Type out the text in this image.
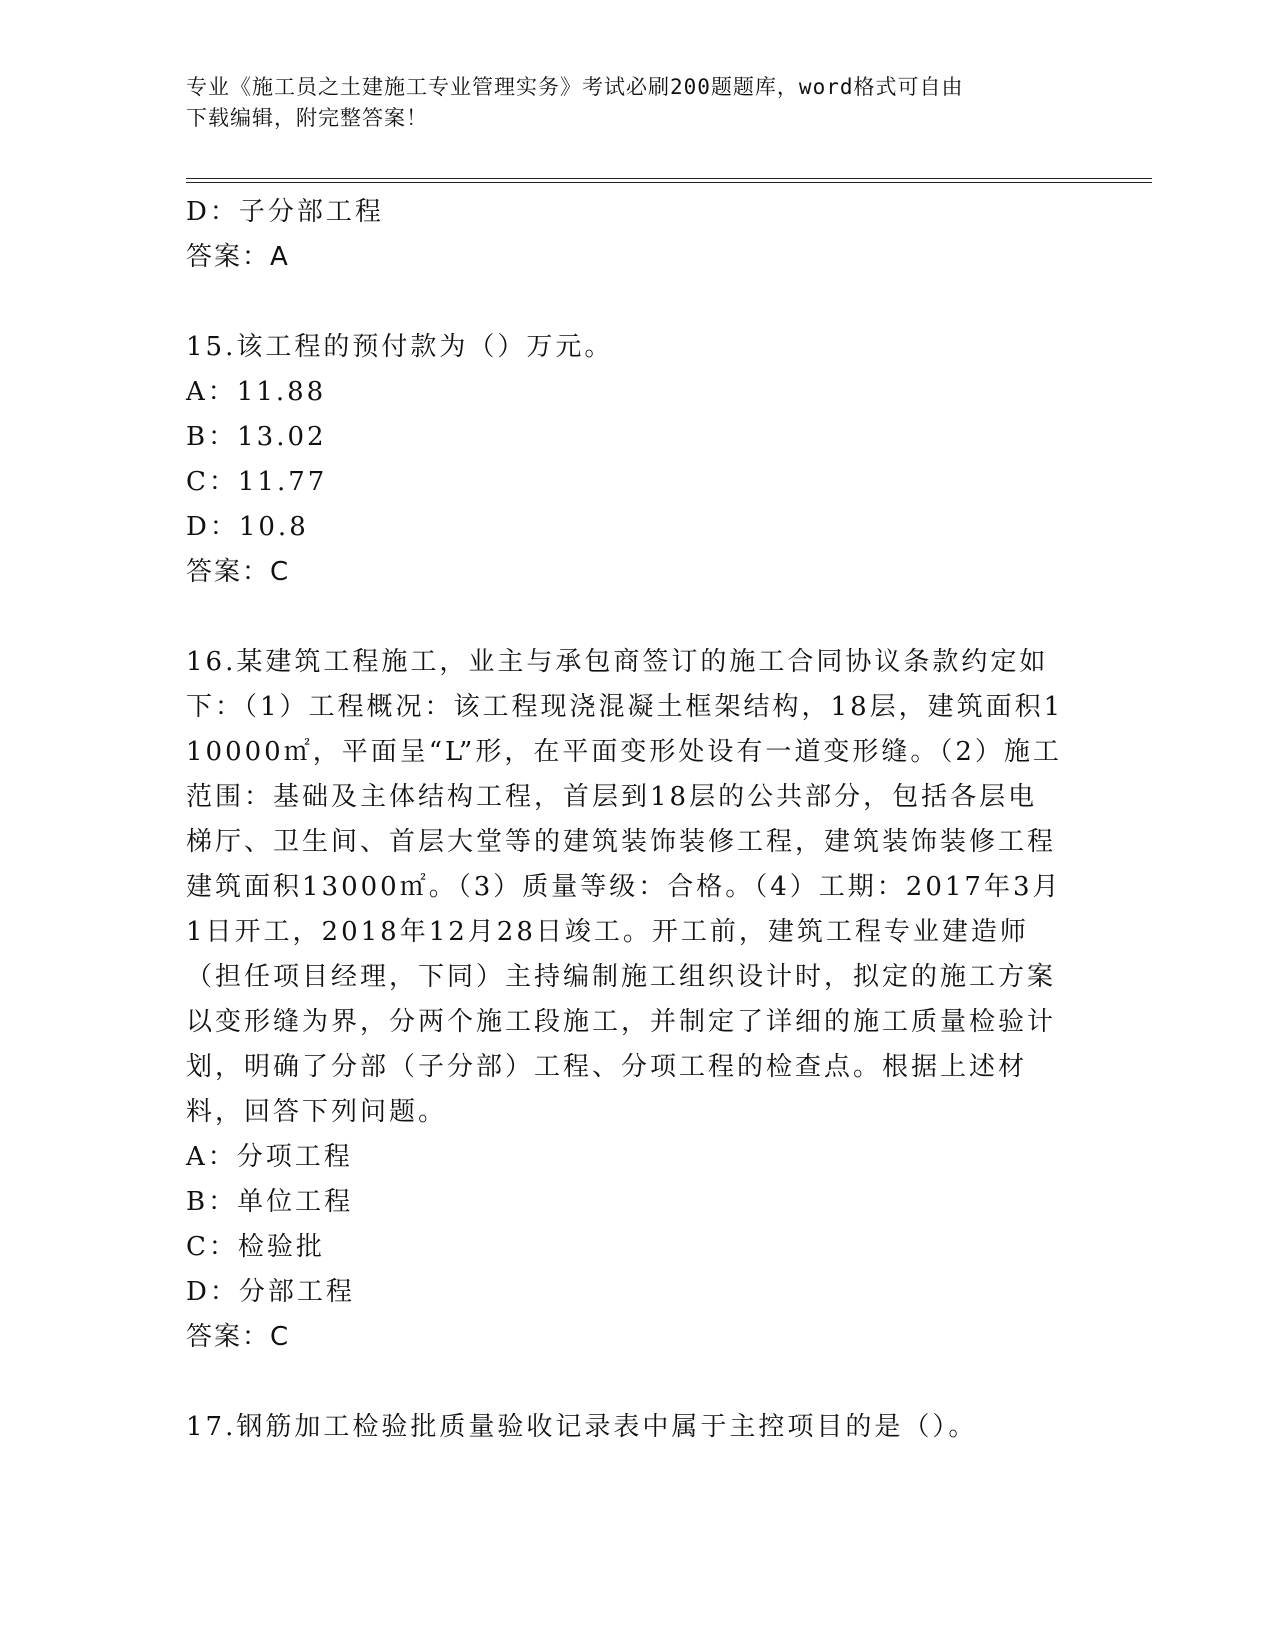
专业《施工员之土建施工专业管理实务》考试必刷200题题库，word格式可自由
下载编辑，附完整答案！
D：子分部工程
答案：A
15.该工程的预付款为（）万元。
A：11.88
B：13.02
C：11.77
D：10.8
答案：C
16.某建筑工程施工，业主与承包商签订的施工合同协议条款约定如下：（1）工程概况：该工程现浇混凝土框架结构，18层，建筑面积110000㎡，平面呈“L”形，在平面变形处设有一道变形缝。（2）施工范围：基础及主体结构工程，首层到18层的公共部分，包括各层电梯厅、卫生间、首层大堂等的建筑装饰装修工程，建筑装饰装修工程建筑面积13000㎡。（3）质量等级：合格。（4）工期：2017年3月1日开工，2018年12月28日竣工。开工前，建筑工程专业建造师（担任项目经理，下同）主持编制施工组织设计时，拟定的施工方案以变形缝为界，分两个施工段施工，并制定了详细的施工质量检验计划，明确了分部（子分部）工程、分项工程的检查点。根据上述材料，回答下列问题。
A：分项工程
B：单位工程
C：检验批
D：分部工程
答案：C
17.钢筋加工检验批质量验收记录表中属于主控项目的是（）。
